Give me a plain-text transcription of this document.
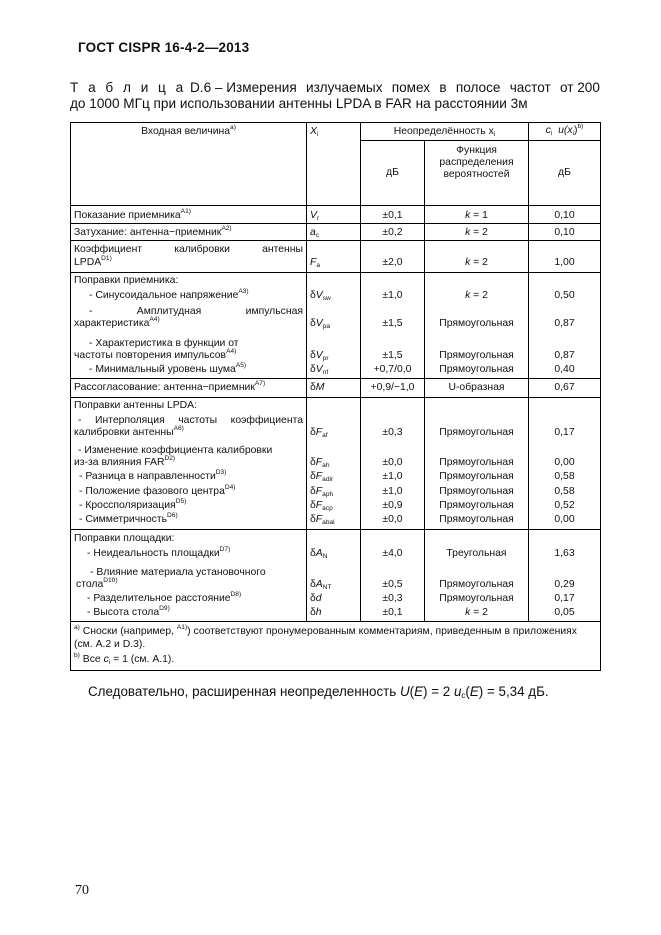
ГОСТ CISPR 16-4-2—2013
Т а б л и ц а D.6 – Измерения излучаемых помех в полосе частот от 200
до 1000 МГц при использовании антенны LPDA в FAR на расстоянии 3м
Входная величина$^{a)}$	$X_i$	Неопределённость $x_i$		$c_i$ $u(x_i)^{b)}$
		дБ	Функция распределения вероятностей	дБ
Показание приемника$^{A1)}$	$V_r$	±0,1	k = 1	0,10
Затухание: антенна−приемник$^{A2)}$	$a_c$	±0,2	k = 2	0,10

Коэффициент калибровки антенны
$LPDA^{D1)}$	$F_a$	±2,0	k = 2	1,00
Поправки приемника:				
- Синусоидальное напряжение$^{A3)}$	$\delta V_{sw}$	±1,0	k = 2	0,50

- Амплитудная импульсная
характеристика$^{A4)}$	$\delta V_{pa}$	±1,5	Прямоугольная	0,87

- Характеристика в функции от
частоты повторения импульсов$^{A4)}$	$\delta V_{pr}$	±1,5	Прямоугольная	0,87
- Минимальный уровень шума$^{A5)}$	$\delta V_{nf}$	+0,7/0,0	Прямоугольная	0,40
Рассогласование: антенна−приемник$^{A7)}$	δM	+0,9/−1,0	U-образная	0,67
Поправки антенны LPDA:				

- Интерполяция частоты коэффициента
калибровки антенны$^{A6)}$	$\delta F_{af}$	±0,3	Прямоугольная	0,17

- Изменение коэффициента калибровки
из-за влияния $FAR^{D2)}$	$\delta F_{ah}$	±0,0	Прямоугольная	0,00
- Разница в направленности$^{D3)}$	$\delta F_{adir}$	±1,0	Прямоугольная	0,58
- Положение фазового центра$^{D4)}$	$\delta F_{aph}$	±1,0	Прямоугольная	0,58
- Кроссполяризация$^{D5)}$	$\delta F_{acp}$	±0,9	Прямоугольная	0,52
- Симметричность$^{D6)}$	$\delta F_{abal}$	±0,0	Прямоугольная	0,00
Поправки площадки:				
- Неидеальность площадки$^{D7)}$	$\delta A_N$	±4,0	Треугольная	1,63

- Влияние материала установочного
стола$^{D10)}$	$\delta A_{NT}$	±0,5	Прямоугольная	0,29
- Разделительное расстояние$^{D8)}$	δd	±0,3	Прямоугольная	0,17
- Высота стола$^{D9)}$	δh	±0,1	k = 2	0,05

$^{a)}$ Сноски (например, $^{A1)}$) соответствуют пронумерованным комментариям, приведенным в приложениях (см. A.2 и D.3).
$^{b)}$ Все $c_i = 1$ (см. A.1).				
Следовательно, расширенная неопределенность U(E) = 2 $u_c(E) = 5,34$ дБ.
70
